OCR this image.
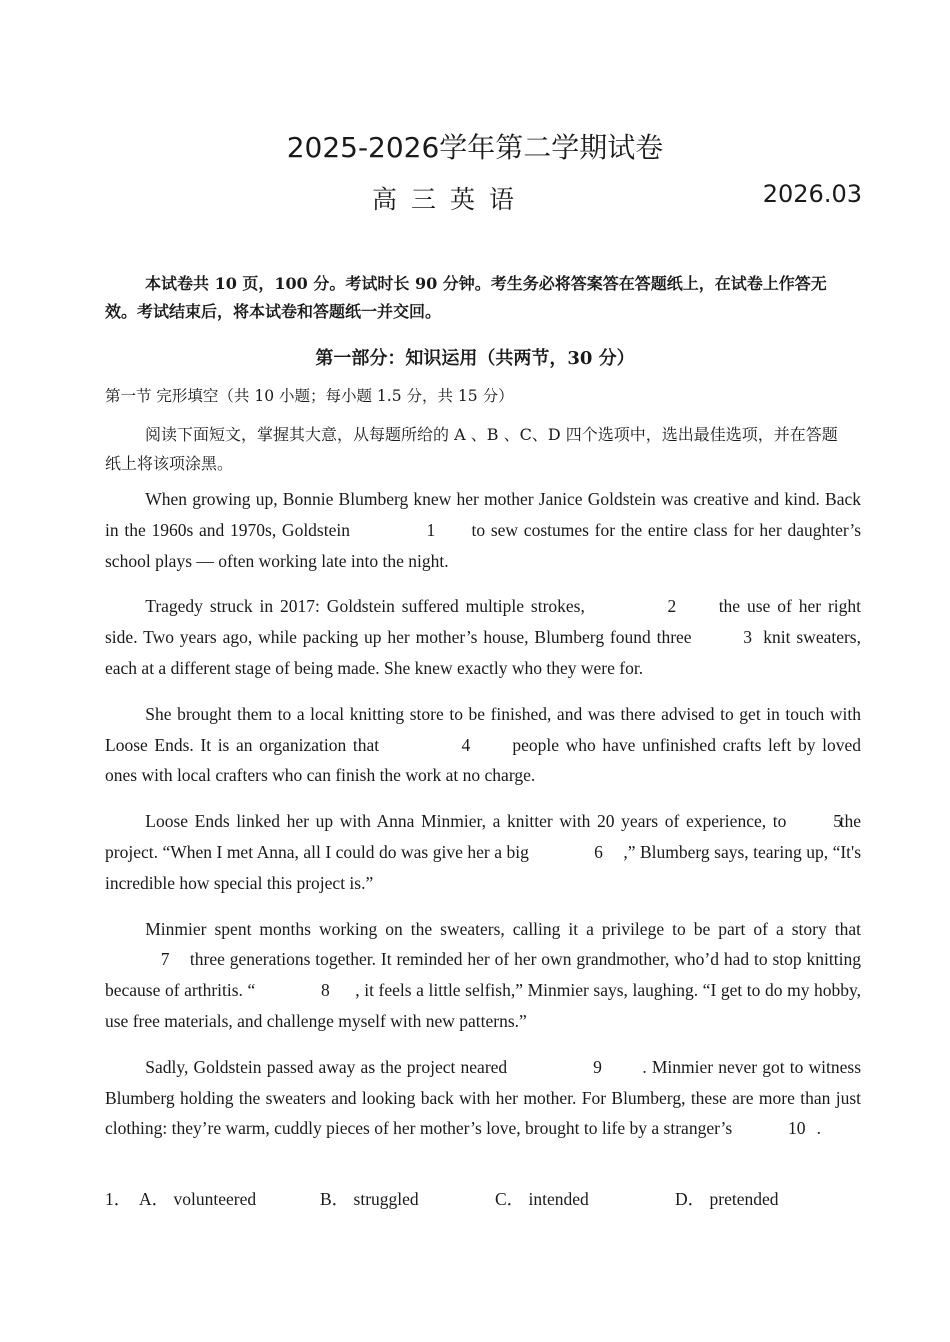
2025-2026学年第二学期试卷
高三英语	2026.03
本试卷共 10 页，100 分。考试时长 90 分钟。考生务必将答案答在答题纸上，在试卷上作答无效。考试结束后，将本试卷和答题纸一并交回。
第一部分：知识运用（共两节，30 分）
第一节 完形填空（共 10 小题；每小题 1.5 分，共 15 分）
阅读下面短文，掌握其大意，从每题所给的 A 、B 、C、D 四个选项中，选出最佳选项，并在答题纸上将该项涂黑。

When growing up, Bonnie Blumberg knew her mother Janice Goldstein was creative and kind. Back in the 1960s and 1970s, Goldstein	1 to sew costumes for the entire class for her daughter’s school plays — often working late into the night.

Tragedy struck in 2017: Goldstein suffered multiple strokes,	2 the use of her right side. Two years ago, while packing up her mother’s house, Blumberg found three	3 knit sweaters, each at a different stage of being made. She knew exactly who they were for.

She brought them to a local knitting store to be finished, and was there advised to get in touch with Loose Ends. It is an organization that	4 people who have unfinished crafts left by loved ones with local crafters who can finish the work at no charge.

Loose Ends linked her up with Anna Minmier, a knitter with 20 years of experience, to	5 the project. “When I met Anna, all I could do was give her a big	6 ,” Blumberg says, tearing up, “It's incredible how special this project is.”

Minmier spent months working on the sweaters, calling it a privilege to be part of a story that 7 three generations together. It reminded her of her own grandmother, who’d had to stop knitting because of arthritis. “	8 , it feels a little selfish,” Minmier says, laughing. “I get to do my hobby, use free materials, and challenge myself with new patterns.”

Sadly, Goldstein passed away as the project neared	9 . Minmier never got to witness Blumberg holding the sweaters and looking back with her mother. For Blumberg, these are more than just clothing: they’re warm, cuddly pieces of her mother’s love, brought to life by a stranger’s	10 .

1． A． volunteered	B． struggled	C． intended	D． pretended
